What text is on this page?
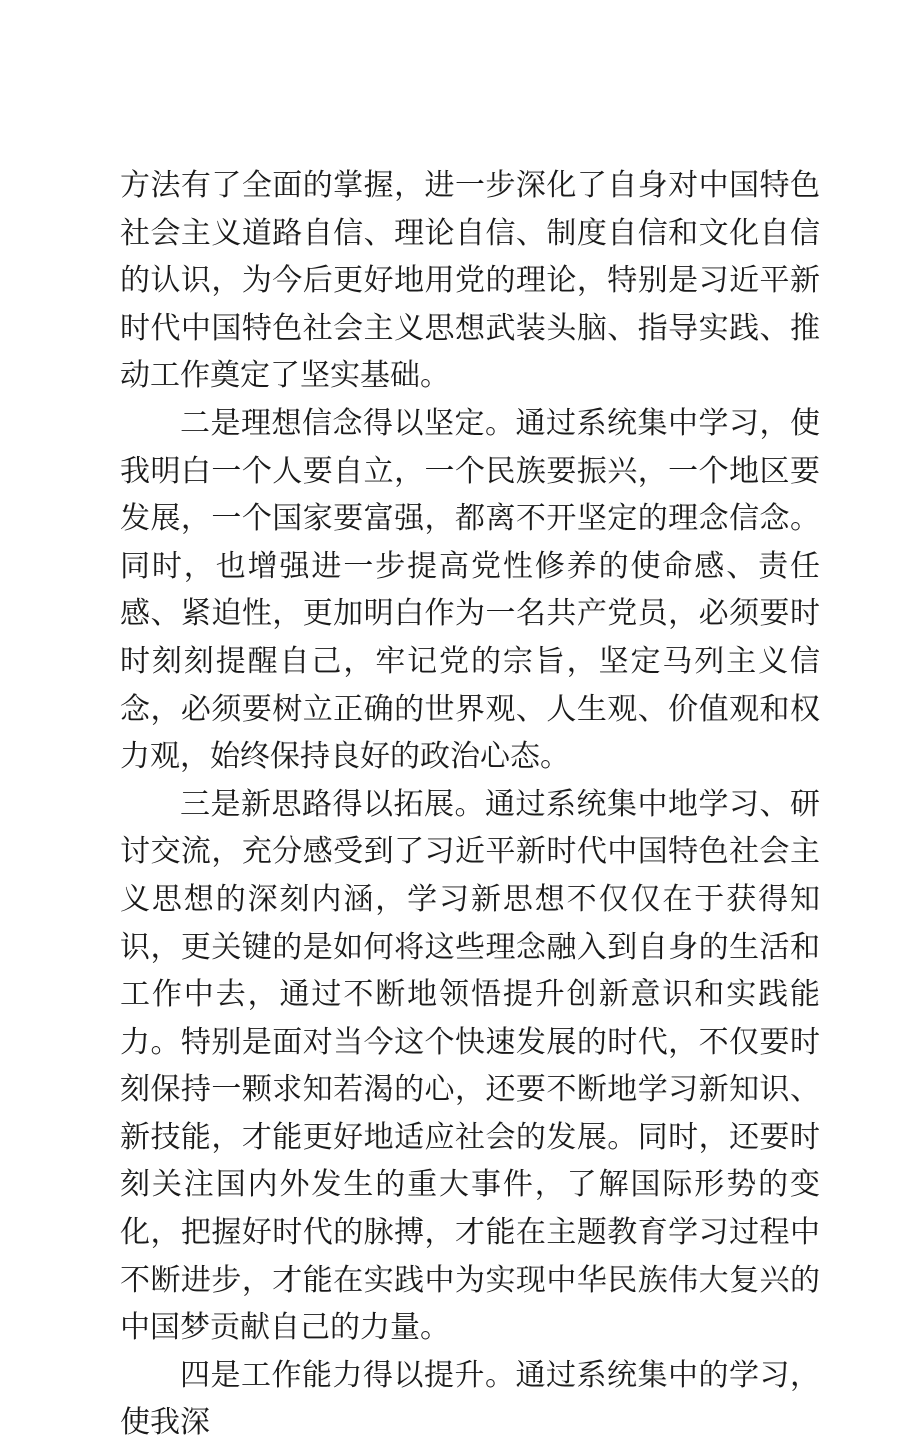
方法有了全面的掌握，进一步深化了自身对中国特色社会主义道路自信、理论自信、制度自信和文化自信的认识，为今后更好地用党的理论，特别是习近平新时代中国特色社会主义思想武装头脑、指导实践、推动工作奠定了坚实基础。

二是理想信念得以坚定。通过系统集中学习，使我明白一个人要自立，一个民族要振兴，一个地区要发展，一个国家要富强，都离不开坚定的理念信念。同时，也增强进一步提高党性修养的使命感、责任感、紧迫性，更加明白作为一名共产党员，必须要时时刻刻提醒自己，牢记党的宗旨，坚定马列主义信念，必须要树立正确的世界观、人生观、价值观和权力观，始终保持良好的政治心态。

三是新思路得以拓展。通过系统集中地学习、研讨交流，充分感受到了习近平新时代中国特色社会主义思想的深刻内涵，学习新思想不仅仅在于获得知识，更关键的是如何将这些理念融入到自身的生活和工作中去，通过不断地领悟提升创新意识和实践能力。特别是面对当今这个快速发展的时代，不仅要时刻保持一颗求知若渴的心，还要不断地学习新知识、新技能，才能更好地适应社会的发展。同时，还要时刻关注国内外发生的重大事件，了解国际形势的变化，把握好时代的脉搏，才能在主题教育学习过程中不断进步，才能在实践中为实现中华民族伟大复兴的中国梦贡献自己的力量。

四是工作能力得以提升。通过系统集中的学习，使我深
